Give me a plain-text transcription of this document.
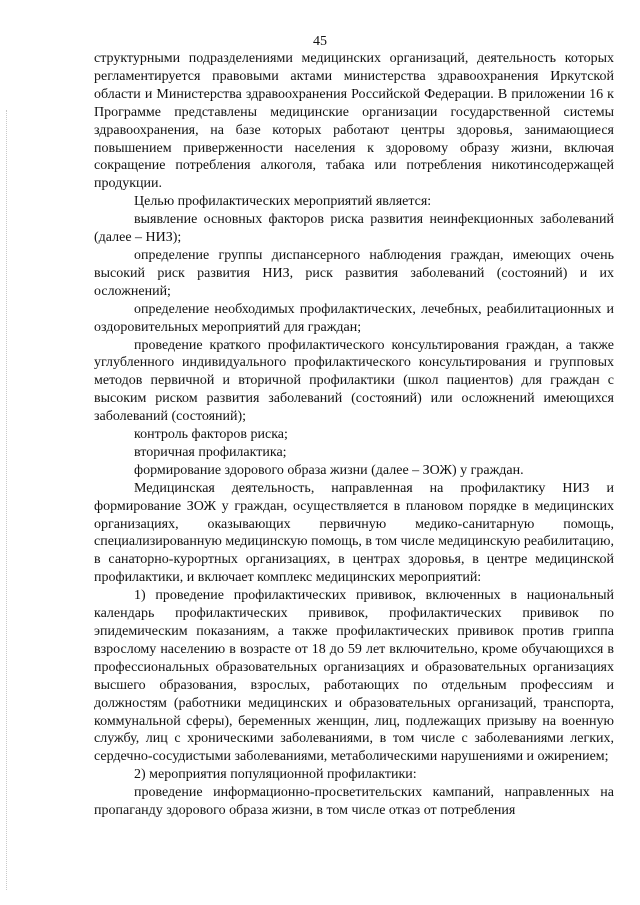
45

структурными подразделениями медицинских организаций, деятельность которых регламентируется правовыми актами министерства здравоохранения Иркутской области и Министерства здравоохранения Российской Федерации. В приложении 16 к Программе представлены медицинские организации государственной системы здравоохранения, на базе которых работают центры здоровья, занимающиеся повышением приверженности населения к здоровому образу жизни, включая сокращение потребления алкоголя, табака или потребления никотинсодержащей продукции.

Целью профилактических мероприятий является:

выявление основных факторов риска развития неинфекционных заболеваний (далее – НИЗ);

определение группы диспансерного наблюдения граждан, имеющих очень высокий риск развития НИЗ, риск развития заболеваний (состояний) и их осложнений;

определение необходимых профилактических, лечебных, реабилитационных и оздоровительных мероприятий для граждан;

проведение краткого профилактического консультирования граждан, а также углубленного индивидуального профилактического консультирования и групповых методов первичной и вторичной профилактики (школ пациентов) для граждан с высоким риском развития заболеваний (состояний) или осложнений имеющихся заболеваний (состояний);

контроль факторов риска;

вторичная профилактика;

формирование здорового образа жизни (далее – ЗОЖ) у граждан.

Медицинская деятельность, направленная на профилактику НИЗ и формирование ЗОЖ у граждан, осуществляется в плановом порядке в медицинских организациях, оказывающих первичную медико-санитарную помощь, специализированную медицинскую помощь, в том числе медицинскую реабилитацию, в санаторно-курортных организациях, в центрах здоровья, в центре медицинской профилактики, и включает комплекс медицинских мероприятий:

1) проведение профилактических прививок, включенных в национальный календарь профилактических прививок, профилактических прививок по эпидемическим показаниям, а также профилактических прививок против гриппа взрослому населению в возрасте от 18 до 59 лет включительно, кроме обучающихся в профессиональных образовательных организациях и образовательных организациях высшего образования, взрослых, работающих по отдельным профессиям и должностям (работники медицинских и образовательных организаций, транспорта, коммунальной сферы), беременных женщин, лиц, подлежащих призыву на военную службу, лиц с хроническими заболеваниями, в том числе с заболеваниями легких, сердечно-сосудистыми заболеваниями, метаболическими нарушениями и ожирением;

2) мероприятия популяционной профилактики:

проведение информационно-просветительских кампаний, направленных на пропаганду здорового образа жизни, в том числе отказ от потребления
